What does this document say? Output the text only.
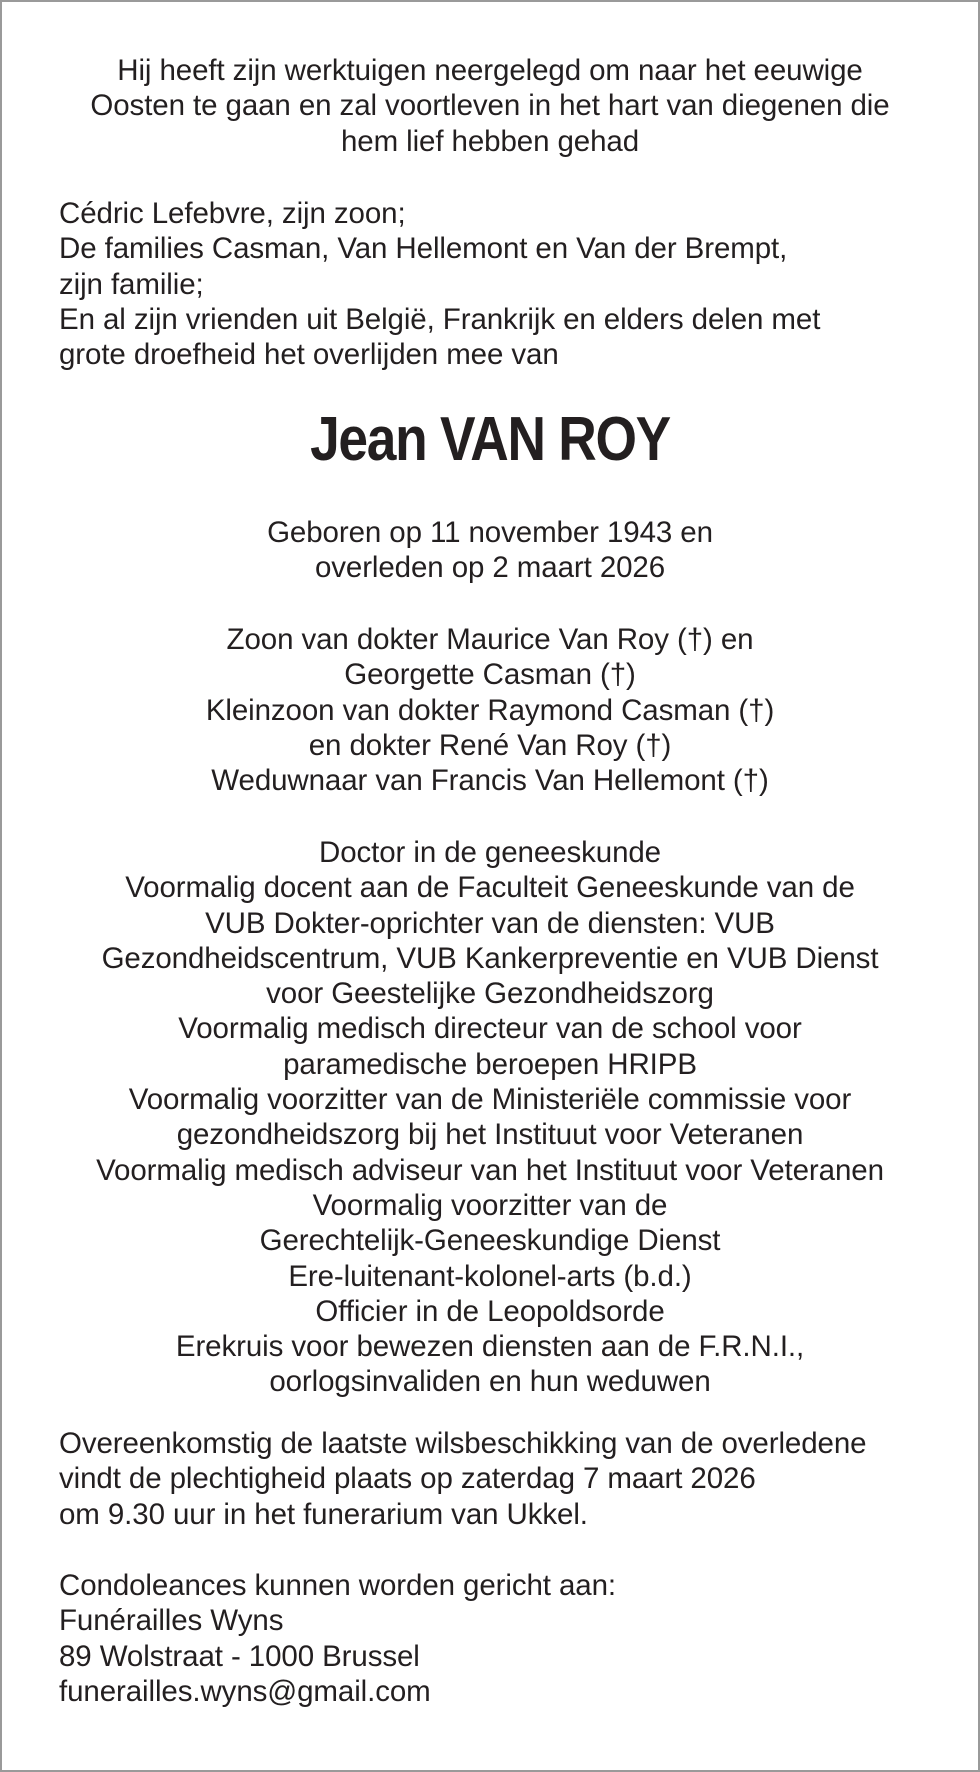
Hij heeft zijn werktuigen neergelegd om naar het eeuwige
Oosten te gaan en zal voortleven in het hart van diegenen die
hem lief hebben gehad
Cédric Lefebvre, zijn zoon;
De families Casman, Van Hellemont en Van der Brempt,
zijn familie;
En al zijn vrienden uit België, Frankrijk en elders delen met
grote droefheid het overlijden mee van
Jean VAN ROY
Geboren op 11 november 1943 en
overleden op 2 maart 2026
Zoon van dokter Maurice Van Roy (†) en
Georgette Casman (†)
Kleinzoon van dokter Raymond Casman (†)
en dokter René Van Roy (†)
Weduwnaar van Francis Van Hellemont (†)
Doctor in de geneeskunde
Voormalig docent aan de Faculteit Geneeskunde van de
VUB Dokter-oprichter van de diensten: VUB
Gezondheidscentrum, VUB Kankerpreventie en VUB Dienst
voor Geestelijke Gezondheidszorg
Voormalig medisch directeur van de school voor
paramedische beroepen HRIPB
Voormalig voorzitter van de Ministeriële commissie voor
gezondheidszorg bij het Instituut voor Veteranen
Voormalig medisch adviseur van het Instituut voor Veteranen
Voormalig voorzitter van de
Gerechtelijk-Geneeskundige Dienst
Ere-luitenant-kolonel-arts (b.d.)
Officier in de Leopoldsorde
Erekruis voor bewezen diensten aan de F.R.N.I.,
oorlogsinvaliden en hun weduwen
Overeenkomstig de laatste wilsbeschikking van de overledene
vindt de plechtigheid plaats op zaterdag 7 maart 2026
om 9.30 uur in het funerarium van Ukkel.
Condoleances kunnen worden gericht aan:
Funérailles Wyns
89 Wolstraat - 1000 Brussel
funerailles.wyns@gmail.com
